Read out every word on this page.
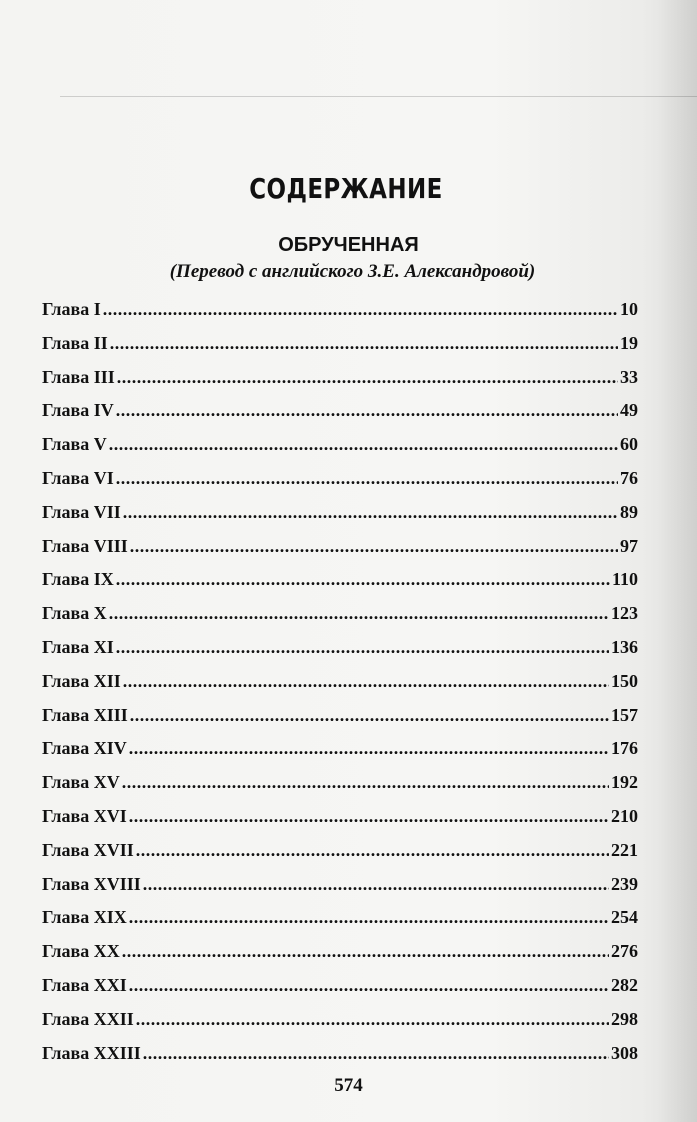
СОДЕРЖАНИЕ
ОБРУЧЕННАЯ
(Перевод с английского З.Е. Александровой)
Глава I .....	10
Глава II .....	19
Глава III .....	33
Глава IV .....	49
Глава V .....	60
Глава VI .....	76
Глава VII .....	89
Глава VIII .....	97
Глава IX .....	110
Глава X .....	123
Глава XI .....	136
Глава XII .....	150
Глава XIII .....	157
Глава XIV .....	176
Глава XV .....	192
Глава XVI .....	210
Глава XVII .....	221
Глава XVIII .....	239
Глава XIX .....	254
Глава XX .....	276
Глава XXI .....	282
Глава XXII .....	298
Глава XXIII .....	308
574
